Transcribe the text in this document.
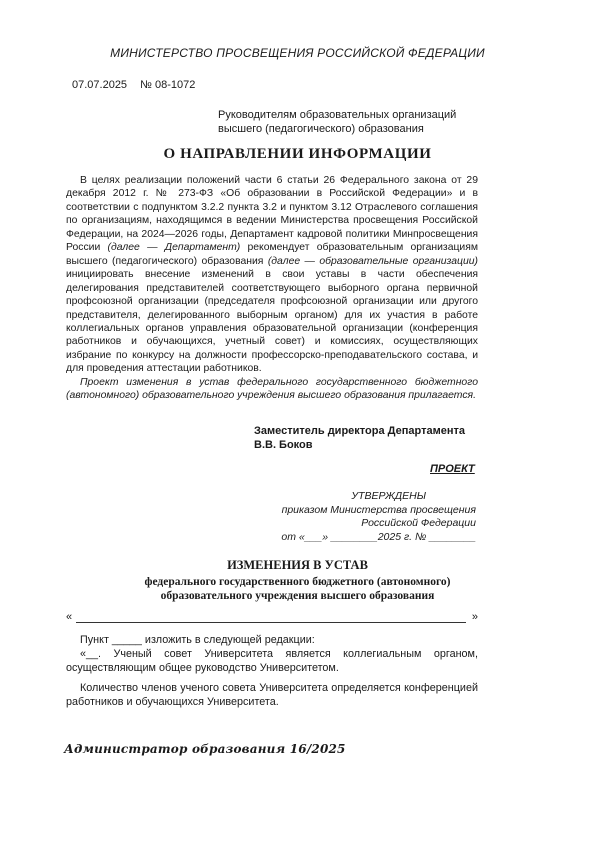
МИНИСТЕРСТВО ПРОСВЕЩЕНИЯ РОССИЙСКОЙ ФЕДЕРАЦИИ
07.07.2025 № 08-1072
Руководителям образовательных организаций
высшего (педагогического) образования
О НАПРАВЛЕНИИ ИНФОРМАЦИИ

В целях реализации положений части 6 статьи 26 Федерального закона от 29 декабря 2012 г. № 273-ФЗ «Об образовании в Российской Федерации» и в соответствии с подпунктом 3.2.2 пункта 3.2 и пунктом 3.12 Отраслевого соглашения по организациям, находящимся в ведении Министерства просвещения Российской Федерации, на 2024—2026 годы, Департамент кадровой политики Минпросвещения России (далее — Департамент) рекомендует образовательным организациям высшего (педагогического) образования (далее — образовательные организации) инициировать внесение изменений в свои уставы в части обеспечения делегирования представителей соответствующего выборного органа первичной профсоюзной организации (председателя профсоюзной организации или другого представителя, делегированного выборным органом) для их участия в работе коллегиальных органов управления образовательной организации (конференция работников и обучающихся, учетный совет) и комиссиях, осуществляющих избрание по конкурсу на должности профессорско-преподавательского состава, и для проведения аттестации работников.

Проект изменения в устав федерального государственного бюджетного (автономного) образовательного учреждения высшего образования прилагается.

Заместитель директора Департамента
В.В. Боков
ПРОЕКТ
УТВЕРЖДЕНЫ
приказом Министерства просвещения
Российской Федерации
от «___» ________2025 г. № ________
ИЗМЕНЕНИЯ В УСТАВ
федерального государственного бюджетного (автономного)
образовательного учреждения высшего образования
«	»

Пункт _____ изложить в следующей редакции:

«__. Ученый совет Университета является коллегиальным органом, осуществляющим общее руководство Университетом.

Количество членов ученого совета Университета определяется конференцией работников и обучающихся Университета.

Администратор образования 16/2025
